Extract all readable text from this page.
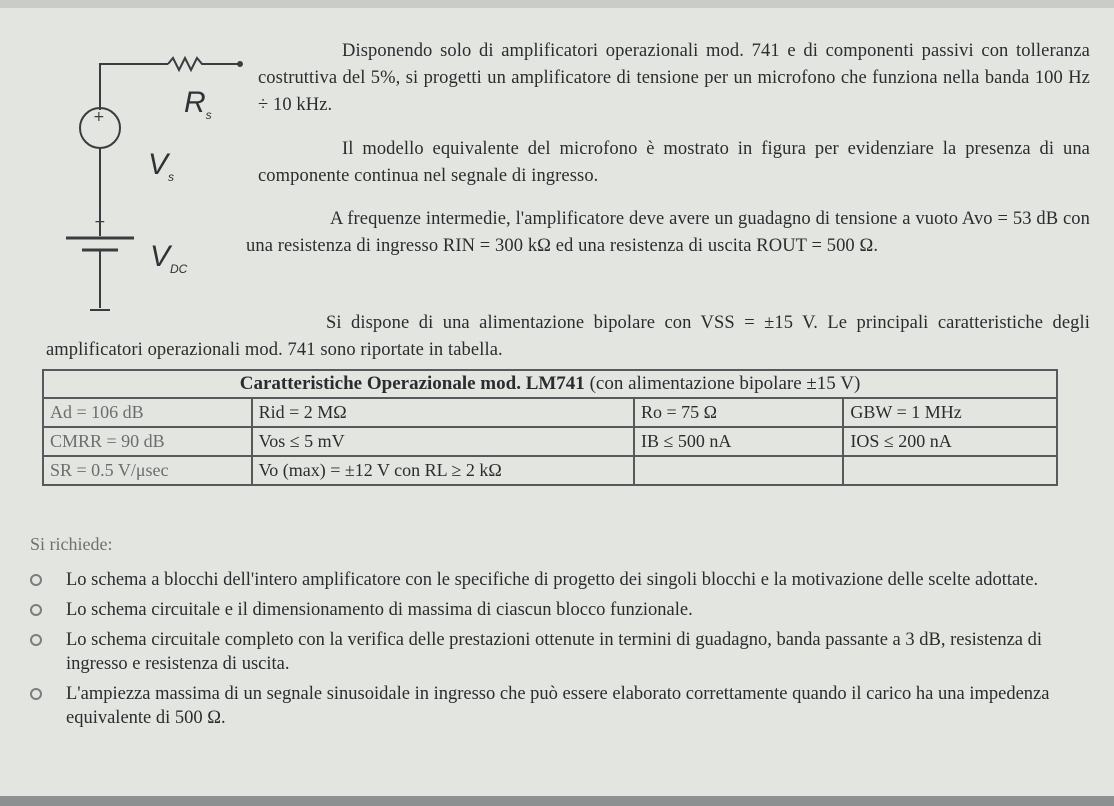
+
+
$R_s$
$V_s$
$V_{DC}$

Disponendo solo di amplificatori operazionali mod. 741 e di componenti passivi con tolleranza costruttiva del 5%, si progetti un amplificatore di tensione per un microfono che funziona nella banda 100 Hz ÷ 10 kHz.

Il modello equivalente del microfono è mostrato in figura per evidenziare la presenza di una componente continua nel segnale di ingresso.

A frequenze intermedie, l'amplificatore deve avere un guadagno di tensione a vuoto Avo = 53 dB con una resistenza di ingresso RIN = 300 kΩ ed una resistenza di uscita ROUT = 500 Ω.

Si dispone di una alimentazione bipolare con VSS = ±15 V. Le principali caratteristiche degli amplificatori operazionali mod. 741 sono riportate in tabella.

Caratteristiche Operazionale mod. LM741 (con alimentazione bipolare ±15 V)
Ad = 106 dB	Rid = 2 MΩ	Ro = 75 Ω	GBW = 1 MHz
CMRR = 90 dB	Vos ≤ 5 mV	IB ≤ 500 nA	IOS ≤ 200 nA
SR = 0.5 V/μsec	Vo (max) = ±12 V con RL ≥ 2 kΩ		

Si richiede:

Lo schema a blocchi dell'intero amplificatore con le specifiche di progetto dei singoli blocchi e la motivazione delle scelte adottate.
Lo schema circuitale e il dimensionamento di massima di ciascun blocco funzionale.
Lo schema circuitale completo con la verifica delle prestazioni ottenute in termini di guadagno, banda passante a 3 dB, resistenza di ingresso e resistenza di uscita.
L'ampiezza massima di un segnale sinusoidale in ingresso che può essere elaborato correttamente quando il carico ha una impedenza equivalente di 500 Ω.
